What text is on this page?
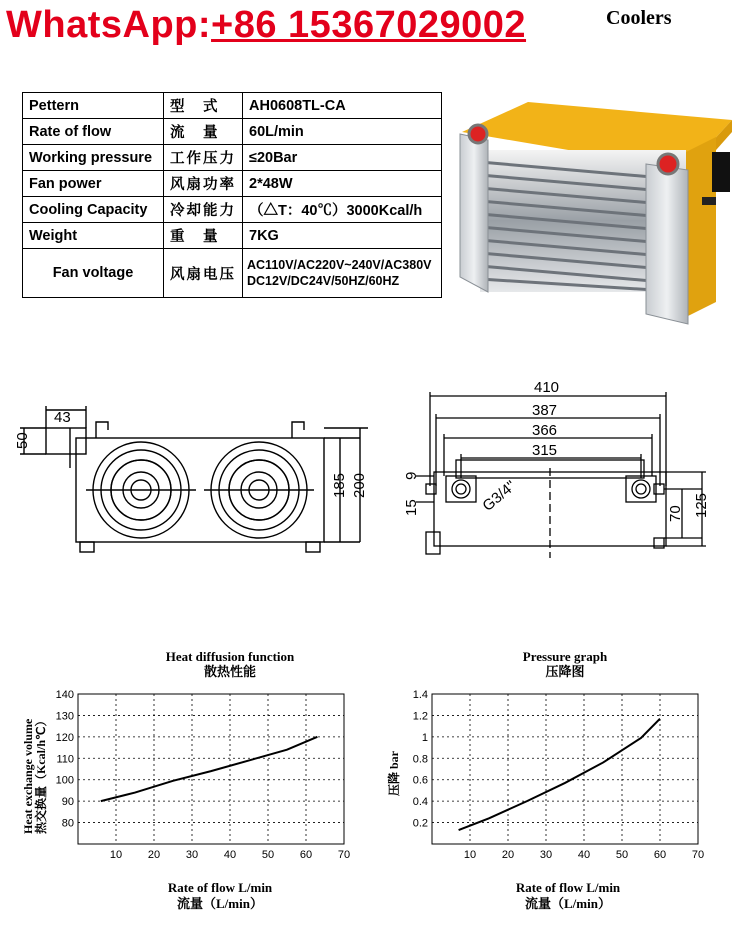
WhatsApp:+86 15367029002	Coolers
Pettern	型　式	AH0608TL-CA
Rate of flow	流　量	60L/min
Working pressure	工作压力	≤20Bar
Fan power	风扇功率	2*48W
Cooling Capacity	冷却能力	（△T：40℃）3000Kcal/h
Weight	重　量	7KG
Fan voltage	风扇电压	AC110V/AC220V~240V/AC380V
DC12V/DC24V/50HZ/60HZ
43
50
185 200
410
387
366
315
9
15	70 125
G3/4"
Heat diffusion function
散热性能
Heat exchange volume 热交换量（Kcal/h℃）
10 20 30 40 50 60 70
80
90
100
110
120
130
140
Rate of flow L/min
流量（L/min）
Pressure graph
压降图
压降 bar
10 20 30 40 50 60 70
0.2
0.4
0.6
0.8
1
1.2
1.4
Rate of flow L/min
流量（L/min）
